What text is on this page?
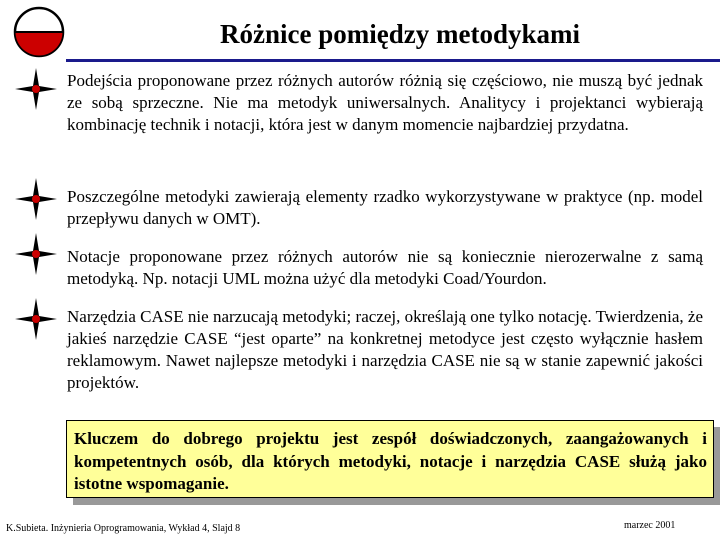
Różnice pomiędzy metodykami
Podejścia proponowane przez różnych autorów różnią się częściowo, nie muszą być jednak ze sobą sprzeczne. Nie ma metodyk uniwersalnych. Analitycy i projektanci wybierają kombinację technik i notacji, która jest w danym momencie najbardziej przydatna.
Poszczególne metodyki zawierają elementy rzadko wykorzystywane w praktyce (np. model przepływu danych w OMT).
Notacje proponowane przez różnych autorów nie są koniecznie nierozerwalne z samą metodyką. Np. notacji UML można użyć dla metodyki Coad/Yourdon.
Narzędzia CASE nie narzucają metodyki; raczej, określają one tylko notację. Twierdzenia, że jakieś narzędzie CASE “jest oparte” na konkretnej metodyce jest często wyłącznie hasłem reklamowym. Nawet najlepsze metodyki i narzędzia CASE nie są w stanie zapewnić jakości projektów.
Kluczem do dobrego projektu jest zespół doświadczonych, zaangażowanych i kompetentnych osób, dla których metodyki, notacje i narzędzia CASE służą jako istotne wspomaganie.
K.Subieta. Inżynieria Oprogramowania, Wykład 4, Slajd 8	marzec 2001
